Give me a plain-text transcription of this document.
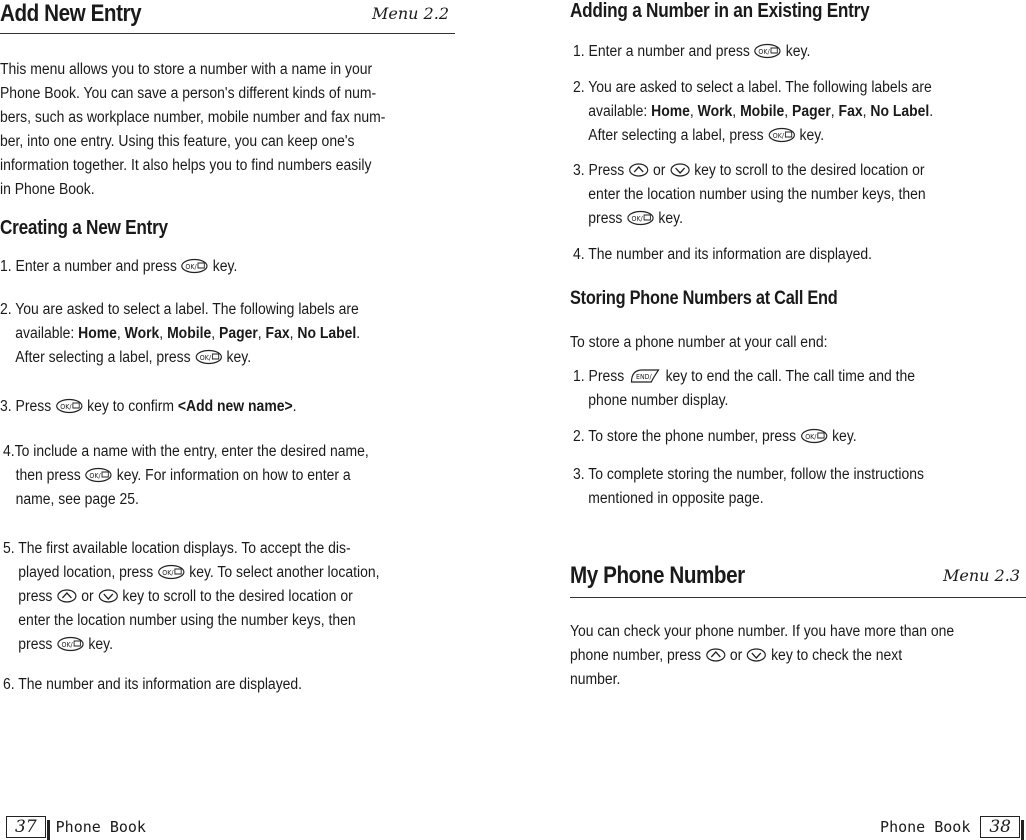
Add New Entry	Menu 2.2
This menu allows you to store a number with a name in your
Phone Book. You can save a person's different kinds of num-
bers, such as workplace number, mobile number and fax num-
ber, into one entry. Using this feature, you can keep one's
information together. It also helps you to find numbers easily
in Phone Book.
Creating a New Entry
1. Enter a number and press key.
2. You are asked to select a label. The following labels are
available: Home, Work, Mobile, Pager, Fax, No Label.
After selecting a label, press key.
3. Press key to confirm <Add new name>.
4.To include a name with the entry, enter the desired name,
then press key. For information on how to enter a
name, see page 25.
5. The first available location displays. To accept the dis-
played location, press key. To select another location,
press or key to scroll to the desired location or
enter the location number using the number keys, then
press key.
6. The number and its information are displayed.
37	Phone Book
Adding a Number in an Existing Entry
1. Enter a number and press key.
2. You are asked to select a label. The following labels are
available: Home, Work, Mobile, Pager, Fax, No Label.
After selecting a label, press key.
3. Press or key to scroll to the desired location or
enter the location number using the number keys, then
press key.
4. The number and its information are displayed.
Storing Phone Numbers at Call End
To store a phone number at your call end:
1. Press	key to end the call. The call time and the
phone number display.
2. To store the phone number, press key.
3. To complete storing the number, follow the instructions
mentioned in opposite page.
My Phone Number	Menu 2.3
You can check your phone number. If you have more than one
phone number, press or key to check the next
number.
Phone Book	38
